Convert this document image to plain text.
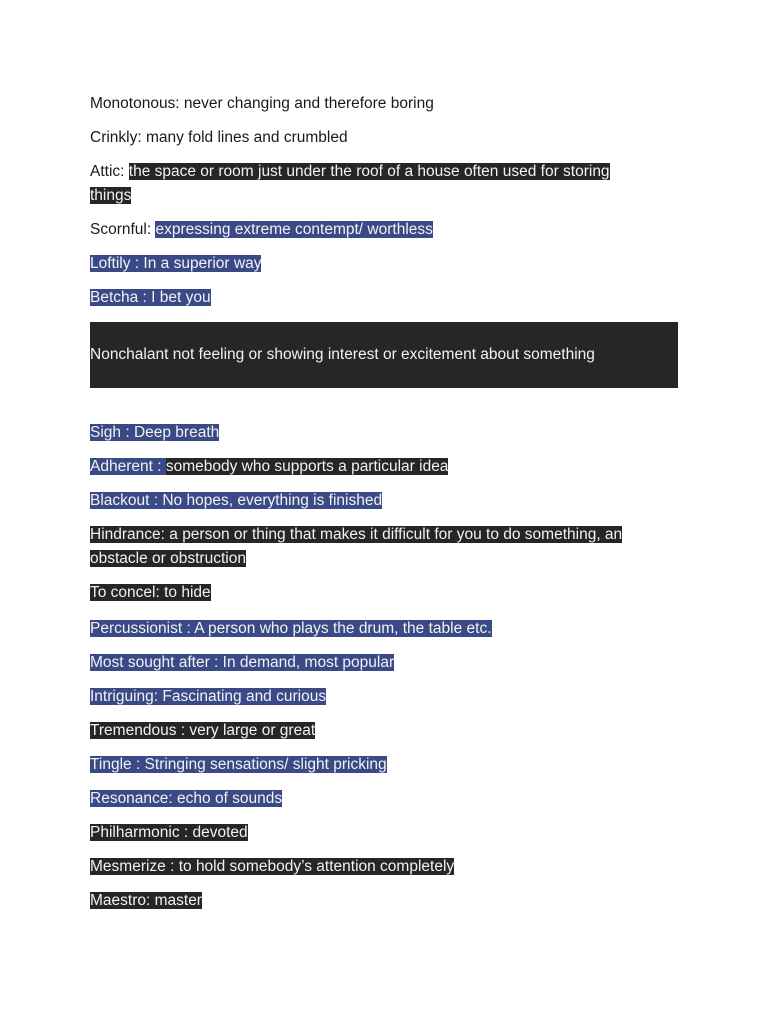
Monotonous: never changing and therefore boring
Crinkly: many fold lines and crumbled
Attic: the space or room just under the roof of a house often used for storing things
Scornful: expressing extreme contempt/ worthless
Loftily : In a superior way
Betcha : I bet you
Nonchalant not feeling or showing interest or excitement about something
Sigh : Deep breath
Adherent : somebody who supports a particular idea
Blackout : No hopes, everything is finished
Hindrance: a person or thing that makes it difficult for you to do something, an obstacle or obstruction
To concel: to hide
Percussionist : A person who plays the drum, the table etc.
Most sought after : In demand, most popular
Intriguing: Fascinating and curious
Tremendous : very large or great
Tingle : Stringing sensations/ slight pricking
Resonance: echo of sounds
Philharmonic : devoted
Mesmerize : to hold somebody’s attention completely
Maestro: master
